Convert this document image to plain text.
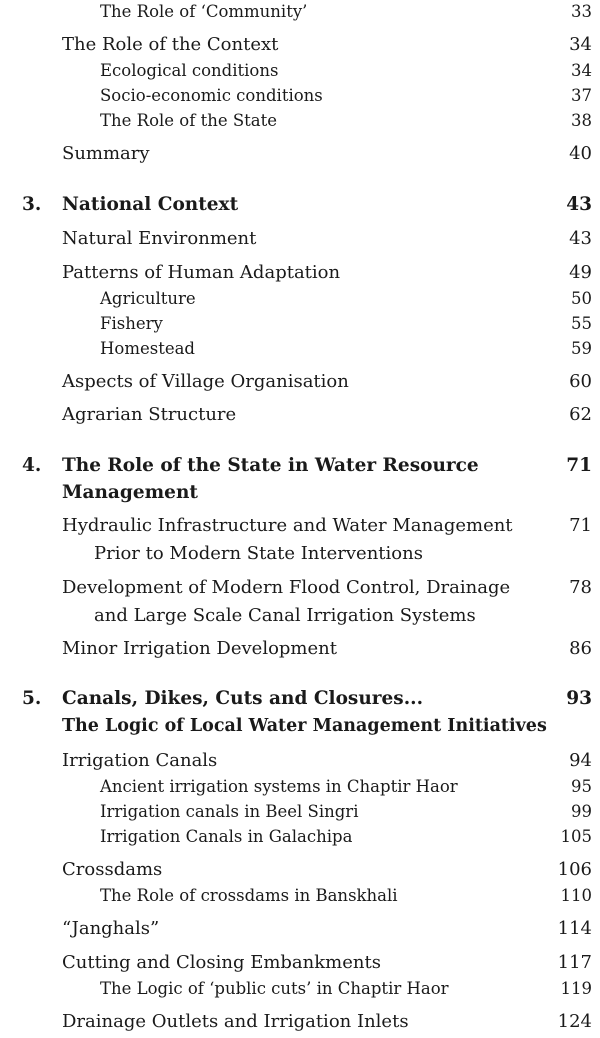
The Role of ‘Community’	33
The Role of the Context	34
Ecological conditions	34
Socio-economic conditions	37
The Role of the State	38
Summary	40
3. National Context	43
Natural Environment	43
Patterns of Human Adaptation	49
Agriculture	50
Fishery	55
Homestead	59
Aspects of Village Organisation	60
Agrarian Structure	62
4. The Role of the State in Water Resource	71
Management
Hydraulic Infrastructure and Water Management	71
Prior to Modern State Interventions
Development of Modern Flood Control, Drainage	78
and Large Scale Canal Irrigation Systems
Minor Irrigation Development	86
5. Canals, Dikes, Cuts and Closures...	93
The Logic of Local Water Management Initiatives
Irrigation Canals	94
Ancient irrigation systems in Chaptir Haor	95
Irrigation canals in Beel Singri	99
Irrigation Canals in Galachipa	105
Crossdams	106
The Role of crossdams in Banskhali	110
“Janghals”	114
Cutting and Closing Embankments	117
The Logic of ‘public cuts’ in Chaptir Haor	119
Drainage Outlets and Irrigation Inlets	124
